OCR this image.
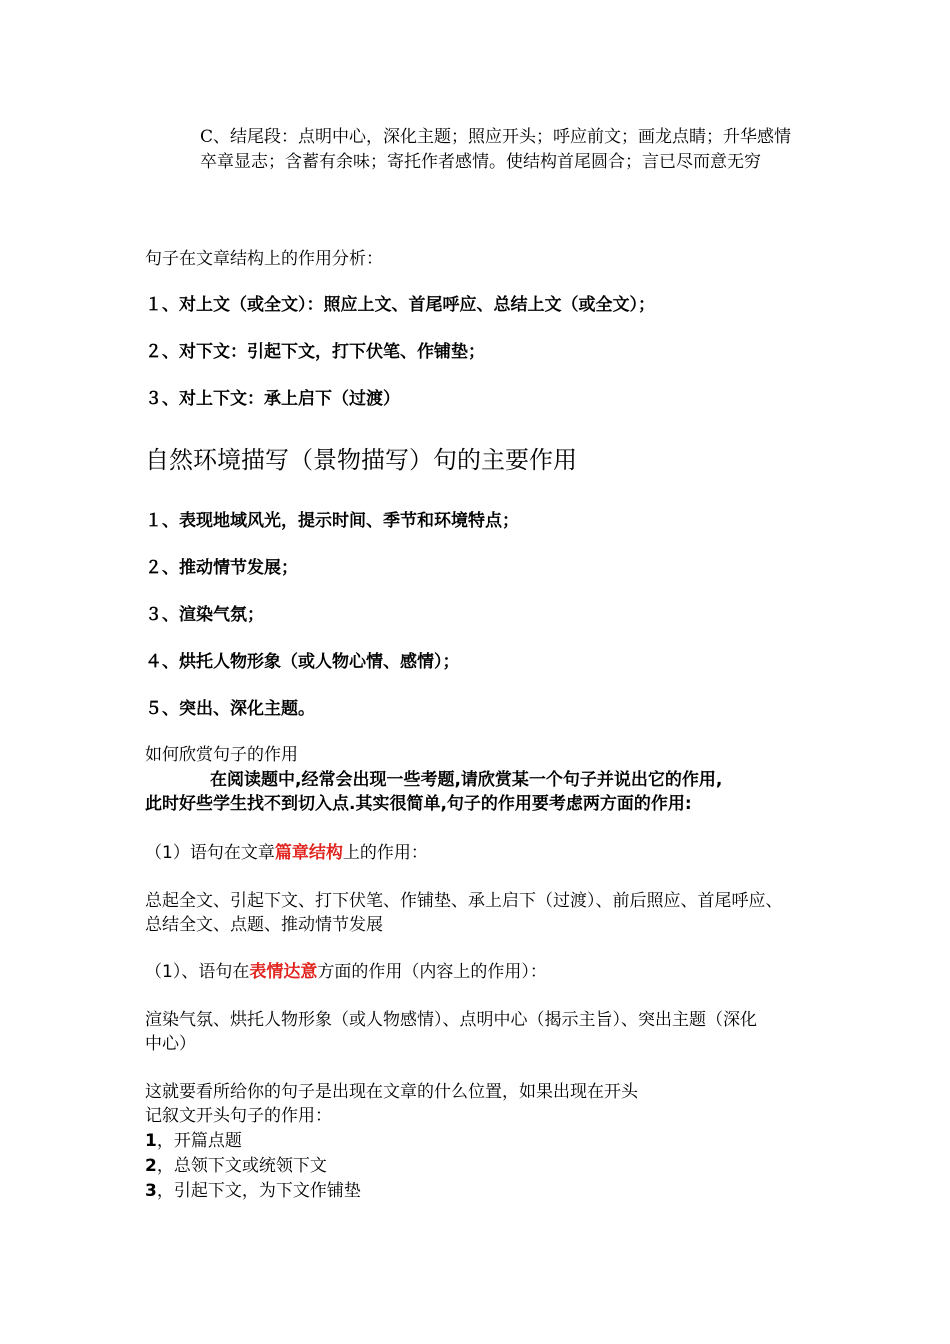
C、结尾段：点明中心，深化主题；照应开头；呼应前文；画龙点睛；升华感情
卒章显志；含蓄有余味；寄托作者感情。使结构首尾圆合；言已尽而意无穷
句子在文章结构上的作用分析：
１、对上文（或全文）：照应上文、首尾呼应、总结上文（或全文）；
２、对下文：引起下文，打下伏笔、作铺垫；
３、对上下文：承上启下（过渡）
自然环境描写（景物描写）句的主要作用
１、表现地域风光，提示时间、季节和环境特点；
２、推动情节发展；
３、渲染气氛；
４、烘托人物形象（或人物心情、感情）；
５、突出、深化主题。
如何欣赏句子的作用
在阅读题中,经常会出现一些考题,请欣赏某一个句子并说出它的作用,
此时好些学生找不到切入点.其实很简单,句子的作用要考虑两方面的作用:
（1）语句在文章篇章结构上的作用：
总起全文、引起下文、打下伏笔、作铺垫、承上启下（过渡）、前后照应、首尾呼应、
总结全文、点题、推动情节发展
（1）、语句在表情达意方面的作用（内容上的作用）：
渲染气氛、烘托人物形象（或人物感情）、点明中心（揭示主旨）、突出主题（深化
中心）
这就要看所给你的句子是出现在文章的什么位置，如果出现在开头
记叙文开头句子的作用：
1，开篇点题
2，总领下文或统领下文
3，引起下文，为下文作铺垫
